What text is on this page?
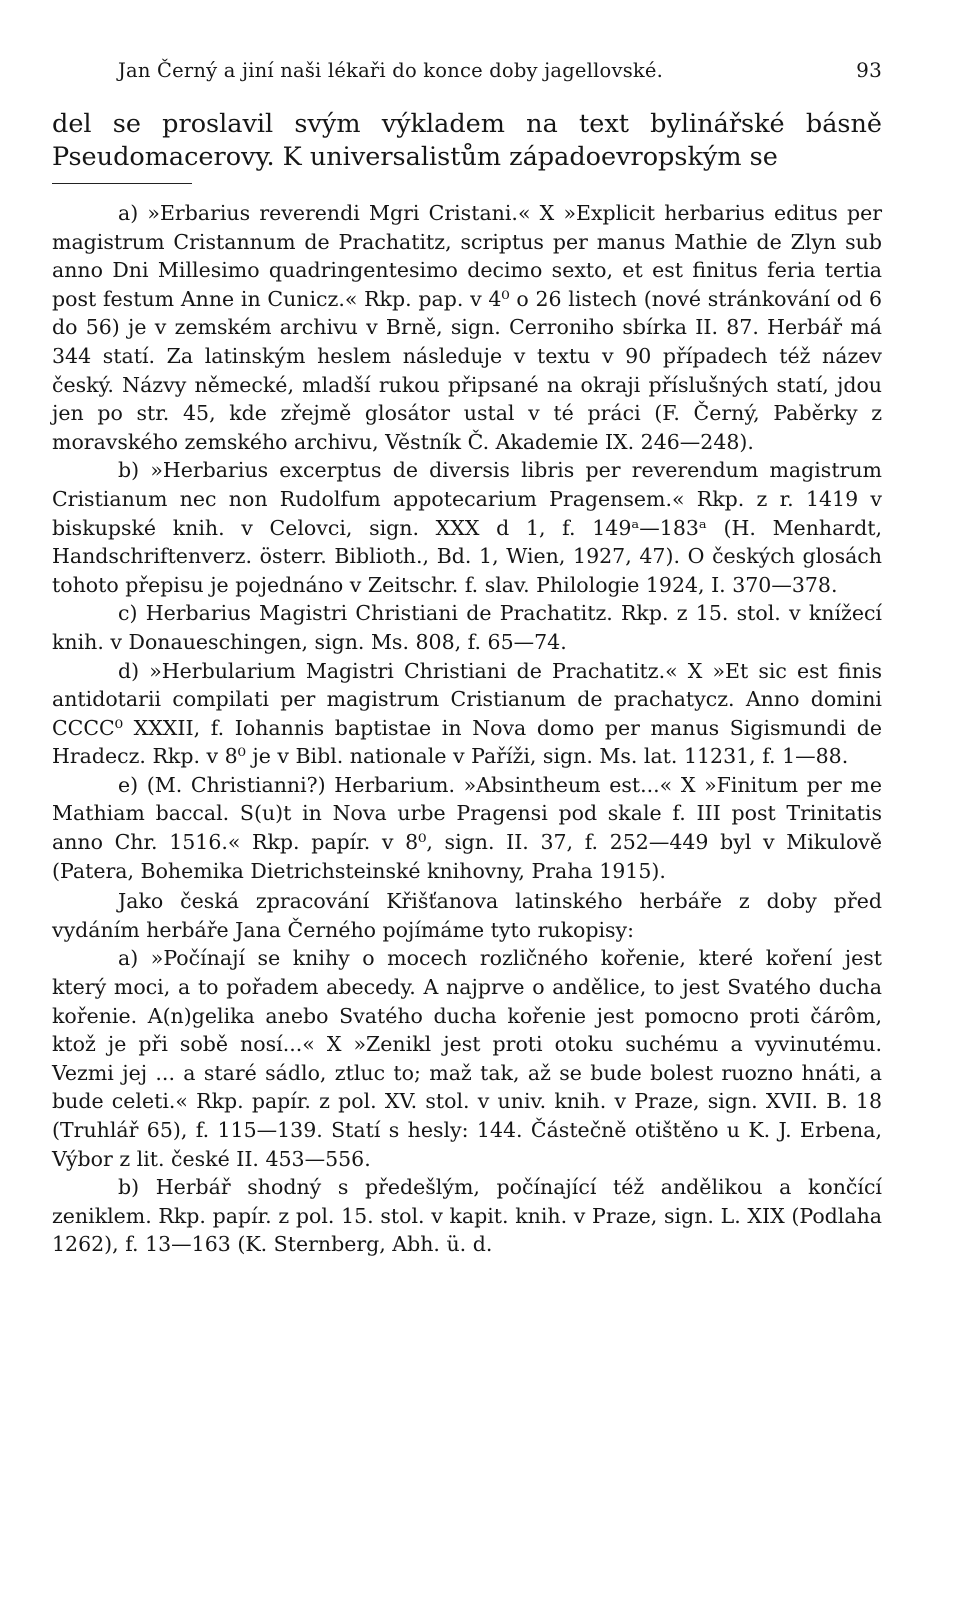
Jan Černý a jiní naši lékaři do konce doby jagellovské.	93

del se proslavil svým výkladem na text bylinářské básně Pseudomacerovy. K universalistům západoevropským se

a) »Erbarius reverendi Mgri Cristani.« X »Explicit herbarius editus per magistrum Cristannum de Prachatitz, scriptus per manus Mathie de Zlyn sub anno Dni Millesimo quadringentesimo decimo sexto, et est finitus feria tertia post festum Anne in Cunicz.« Rkp. pap. v 4⁰ o 26 listech (nové stránkování od 6 do 56) je v zemském archivu v Brně, sign. Cerroniho sbírka II. 87. Herbář má 344 statí. Za latinským heslem následuje v textu v 90 případech též název český. Názvy německé, mladší rukou připsané na okraji příslušných statí, jdou jen po str. 45, kde zřejmě glosátor ustal v té práci (F. Černý, Paběrky z moravského zemského archivu, Věstník Č. Akademie IX. 246—248).

b) »Herbarius excerptus de diversis libris per reverendum magistrum Cristianum nec non Rudolfum appotecarium Pragensem.« Rkp. z r. 1419 v biskupské knih. v Celovci, sign. XXX d 1, f. 149ᵃ—183ᵃ (H. Menhardt, Handschriftenverz. österr. Biblioth., Bd. 1, Wien, 1927, 47). O českých glosách tohoto přepisu je pojednáno v Zeitschr. f. slav. Philologie 1924, I. 370—378.

c) Herbarius Magistri Christiani de Prachatitz. Rkp. z 15. stol. v knížecí knih. v Donaueschingen, sign. Ms. 808, f. 65—74.

d) »Herbularium Magistri Christiani de Prachatitz.« X »Et sic est finis antidotarii compilati per magistrum Cristianum de prachatycz. Anno domini CCCC⁰ XXXII, f. Iohannis baptistae in Nova domo per manus Sigismundi de Hradecz. Rkp. v 8⁰ je v Bibl. nationale v Paříži, sign. Ms. lat. 11231, f. 1—88.

e) (M. Christianni?) Herbarium. »Absintheum est...« X »Finitum per me Mathiam baccal. S(u)t in Nova urbe Pragensi pod skale f. III post Trinitatis anno Chr. 1516.« Rkp. papír. v 8⁰, sign. II. 37, f. 252—449 byl v Mikulově (Patera, Bohemika Dietrichsteinské knihovny, Praha 1915).

Jako česká zpracování Křišťanova latinského herbáře z doby před vydáním herbáře Jana Černého pojímáme tyto rukopisy:

a) »Počínají se knihy o mocech rozličného kořenie, které koření jest který moci, a to pořadem abecedy. A najprve o andělice, to jest Svatého ducha kořenie. A(n)gelika anebo Svatého ducha kořenie jest pomocno proti čárôm, ktož je při sobě nosí...« X »Zenikl jest proti otoku suchému a vyvinutému. Vezmi jej ... a staré sádlo, ztluc to; maž tak, až se bude bolest ruozno hnáti, a bude celeti.« Rkp. papír. z pol. XV. stol. v univ. knih. v Praze, sign. XVII. B. 18 (Truhlář 65), f. 115—139. Statí s hesly: 144. Částečně otištěno u K. J. Erbena, Výbor z lit. české II. 453—556.

b) Herbář shodný s předešlým, počínající též andělikou a končící zeniklem. Rkp. papír. z pol. 15. stol. v kapit. knih. v Praze, sign. L. XIX (Podlaha 1262), f. 13—163 (K. Sternberg, Abh. ü. d.
